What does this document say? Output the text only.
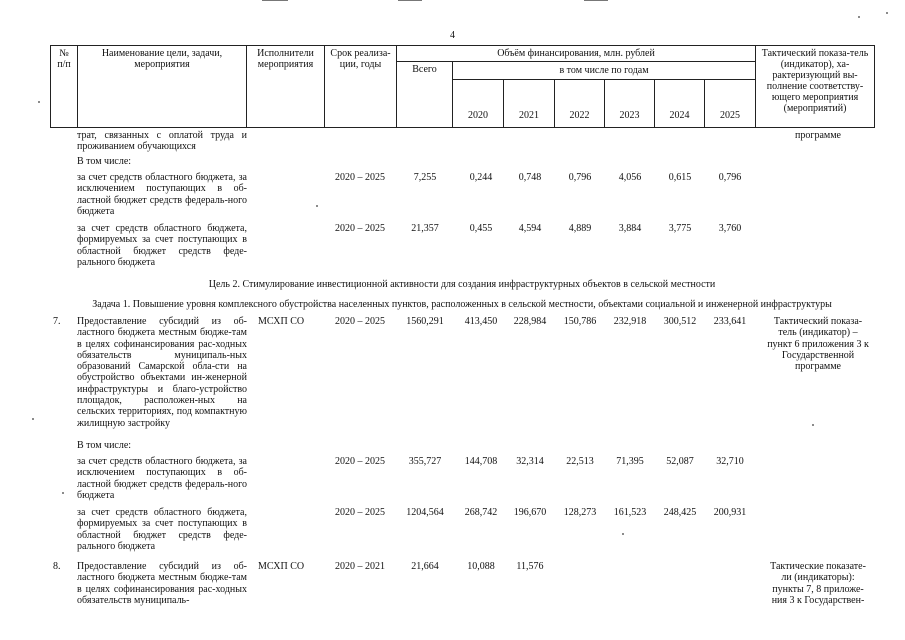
4
№ п/п	Наименование цели, задачи, мероприятия	Исполнители мероприятия	Срок реализа-ции, годы	Объём финансирования, млн. рублей							Тактический показа-тель (индикатор), ха-рактеризующий вы-полнение соответству-ющего мероприятия (мероприятий)
				Всего	в том числе по годам						
					2020	2021	2022	2023	2024	2025	
трат, связанных с оплатой труда и проживанием обучающихся
программе
В том числе:
за счет средств областного бюджета, за исключением поступающих в об-ластной бюджет средств федераль-ного бюджета
2020 – 2025	7,255	0,244	0,748	0,796	4,056	0,615	0,796
за счет средств областного бюджета, формируемых за счет поступающих в областной бюджет средств феде-рального бюджета
2020 – 2025	21,357	0,455	4,594	4,889	3,884	3,775	3,760
Цель 2. Стимулирование инвестиционной активности для создания инфраструктурных объектов в сельской местности
Задача 1. Повышение уровня комплексного обустройства населенных пунктов, расположенных в сельской местности, объектами социальной и инженерной инфраструктуры
7.	Предоставление субсидий из об-ластного бюджета местным бюдже-там в целях софинансирования рас-ходных обязательств муниципаль-ных образований Самарской обла-сти на обустройство объектами ин-женерной инфраструктуры и благо-устройство площадок, расположен-ных на сельских территориях, под компактную жилищную застройку
МСХП СО	2020 – 2025	1560,291	413,450	228,984	150,786	232,918	300,512	233,641	Тактический показа-тель (индикатор) – пункт 6 приложения 3 к Государственной программе
В том числе:
за счет средств областного бюджета, за исключением поступающих в об-ластной бюджет средств федераль-ного бюджета
2020 – 2025	355,727	144,708	32,314	22,513	71,395	52,087	32,710
за счет средств областного бюджета, формируемых за счет поступающих в областной бюджет средств феде-рального бюджета
2020 – 2025	1204,564	268,742	196,670	128,273	161,523	248,425	200,931
8.	Предоставление субсидий из об-ластного бюджета местным бюдже-там в целях софинансирования рас-ходных обязательств муниципаль-
МСХП СО	2020 – 2021	21,664	10,088	11,576	Тактические показате-ли (индикаторы): пункты 7, 8 приложе-ния 3 к Государствен-
